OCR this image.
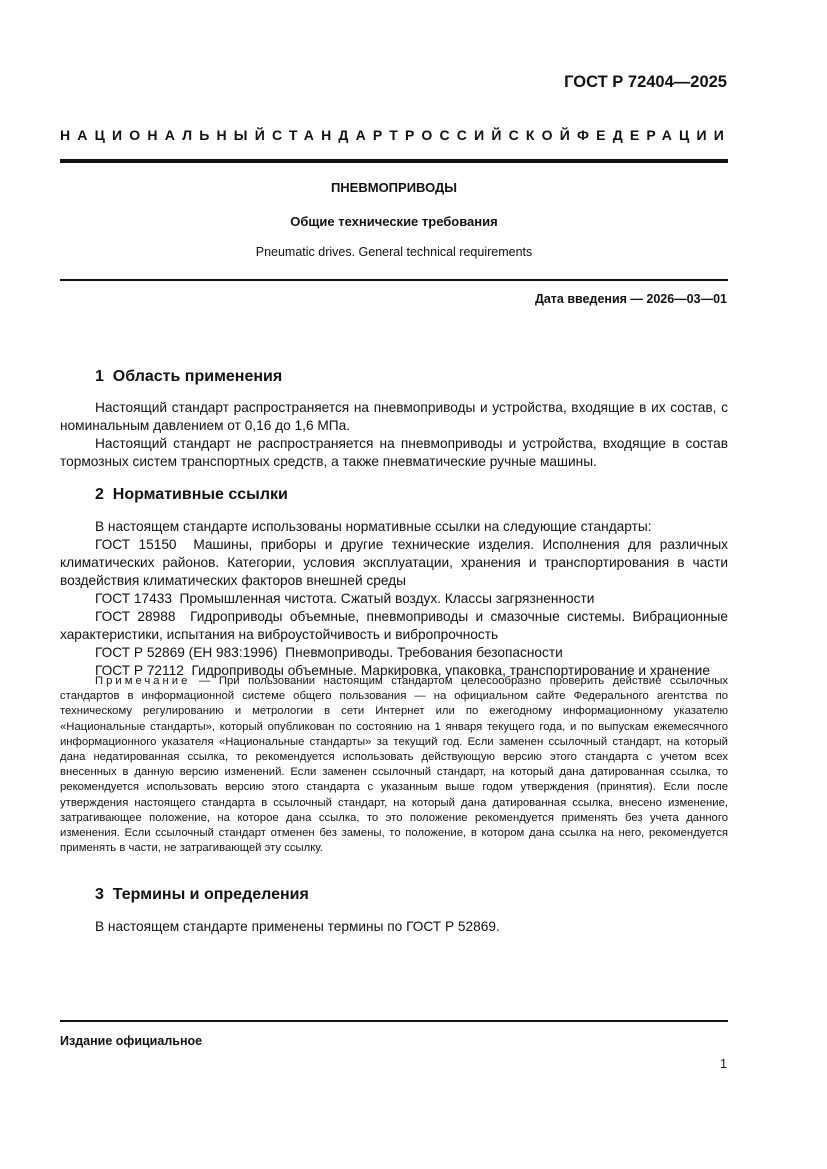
ГОСТ Р 72404—2025
НАЦИОНАЛЬНЫЙ СТАНДАРТ РОССИЙСКОЙ ФЕДЕРАЦИИ
ПНЕВМОПРИВОДЫ
Общие технические требования
Pneumatic drives. General technical requirements
Дата введения — 2026—03—01
1  Область применения

Настоящий стандарт распространяется на пневмоприводы и устройства, входящие в их состав, с номинальным давлением от 0,16 до 1,6 МПа.

Настоящий стандарт не распространяется на пневмоприводы и устройства, входящие в состав тормозных систем транспортных средств, а также пневматические ручные машины.

2  Нормативные ссылки

В настоящем стандарте использованы нормативные ссылки на следующие стандарты:

ГОСТ 15150  Машины, приборы и другие технические изделия. Исполнения для различных климатических районов. Категории, условия эксплуатации, хранения и транспортирования в части воздействия климатических факторов внешней среды

ГОСТ 17433  Промышленная чистота. Сжатый воздух. Классы загрязненности

ГОСТ 28988  Гидроприводы объемные, пневмоприводы и смазочные системы. Вибрационные характеристики, испытания на виброустойчивость и вибропрочность

ГОСТ Р 52869 (ЕН 983:1996)  Пневмоприводы. Требования безопасности

ГОСТ Р 72112  Гидроприводы объемные. Маркировка, упаковка, транспортирование и хранение

Примечание — При пользовании настоящим стандартом целесообразно проверить действие ссылочных стандартов в информационной системе общего пользования — на официальном сайте Федерального агентства по техническому регулированию и метрологии в сети Интернет или по ежегодному информационному указателю «Национальные стандарты», который опубликован по состоянию на 1 января текущего года, и по выпускам ежемесячного информационного указателя «Национальные стандарты» за текущий год. Если заменен ссылочный стандарт, на который дана недатированная ссылка, то рекомендуется использовать действующую версию этого стандарта с учетом всех внесенных в данную версию изменений. Если заменен ссылочный стандарт, на который дана датированная ссылка, то рекомендуется использовать версию этого стандарта с указанным выше годом утверждения (принятия). Если после утверждения настоящего стандарта в ссылочный стандарт, на который дана датированная ссылка, внесено изменение, затрагивающее положение, на которое дана ссылка, то это положение рекомендуется применять без учета данного изменения. Если ссылочный стандарт отменен без замены, то положение, в котором дана ссылка на него, рекомендуется применять в части, не затрагивающей эту ссылку.

3  Термины и определения

В настоящем стандарте применены термины по ГОСТ Р 52869.

Издание официальное
1
